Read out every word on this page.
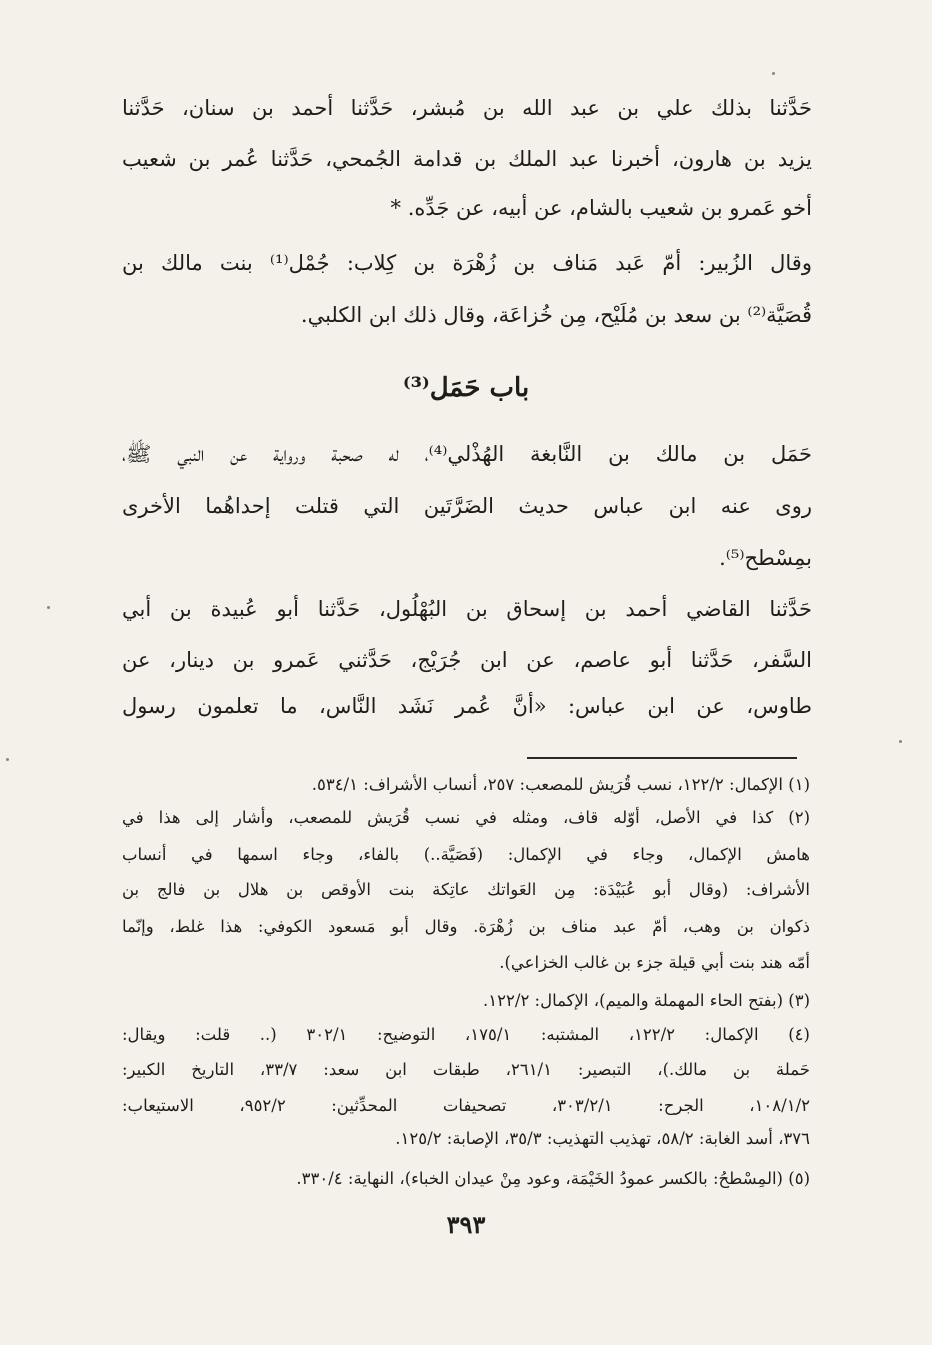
حَدَّثنا بذلك علي بن عبد الله بن مُبشر، حَدَّثنا أحمد بن سنان، حَدَّثنا
يزيد بن هارون، أخبرنا عبد الملك بن قدامة الجُمحي، حَدَّثنا عُمر بن شعيب
أخو عَمرو بن شعيب بالشام، عن أبيه، عن جَدِّه. *
وقال الزُبير: أمّ عَبد مَناف بن زُهْرَة بن كِلاب: جُمْل⁽¹⁾ بنت مالك بن
قُصَيَّة⁽²⁾ بن سعد بن مُلَيْح، مِن خُزاعَة، وقال ذلك ابن الكلبي.
باب حَمَل⁽³⁾
حَمَل بن مالك بن النَّابغة الهُذْلي⁽⁴⁾، له صحبة ورواية عن النبي ﷺ،
روى عنه ابن عباس حديث الضَرَّتَين التي قتلت إحداهُما الأخرى
بمِسْطح⁽⁵⁾.
حَدَّثنا القاضي أحمد بن إسحاق بن البُهْلُول، حَدَّثنا أبو عُبيدة بن أبي
السَّفر، حَدَّثنا أبو عاصم، عن ابن جُرَيْج، حَدَّثني عَمرو بن دينار، عن
طاوس، عن ابن عباس: «أنَّ عُمر نَشَد النَّاس، ما تعلمون رسول
(١) الإكمال: ١٢٢/٢، نسب قُرَيش للمصعب: ٢٥٧، أنساب الأشراف: ٥٣٤/١.
(٢) كذا في الأصل، أوّله قاف، ومثله في نسب قُرَيش للمصعب، وأشار إلى هذا في
هامش الإكمال، وجاء في الإكمال: (فَصَيَّة..) بالفاء، وجاء اسمها في أنساب
الأشراف: (وقال أبو عُبَيْدَة: مِن العَواتك عاتِكة بنت الأوقص بن هلال بن فالج بن
ذكوان بن وهب، أمّ عبد مناف بن زُهْرَة. وقال أبو مَسعود الكوفي: هذا غلط، وإنّما
أمّه هند بنت أبي قيلة جزء بن غالب الخزاعي).
(٣) (بفتح الحاء المهملة والميم)، الإكمال: ١٢٢/٢.
(٤) الإكمال: ١٢٢/٢، المشتبه: ١٧٥/١، التوضيح: ٣٠٢/١ (.. قلت: ويقال:
حَملة بن مالك.)، التبصير: ٢٦١/١، طبقات ابن سعد: ٣٣/٧، التاريخ الكبير:
١٠٨/١/٢، الجرح: ٣٠٣/٢/١، تصحيفات المحدِّثين: ٩٥٢/٢، الاستيعاب:
٣٧٦، أسد الغابة: ٥٨/٢، تهذيب التهذيب: ٣٥/٣، الإصابة: ١٢٥/٢.
(٥) (المِسْطحُ: بالكسر عمودُ الخَيْمَة، وعود مِنْ عيدان الخباء)، النهاية: ٣٣٠/٤.
٣٩٣
